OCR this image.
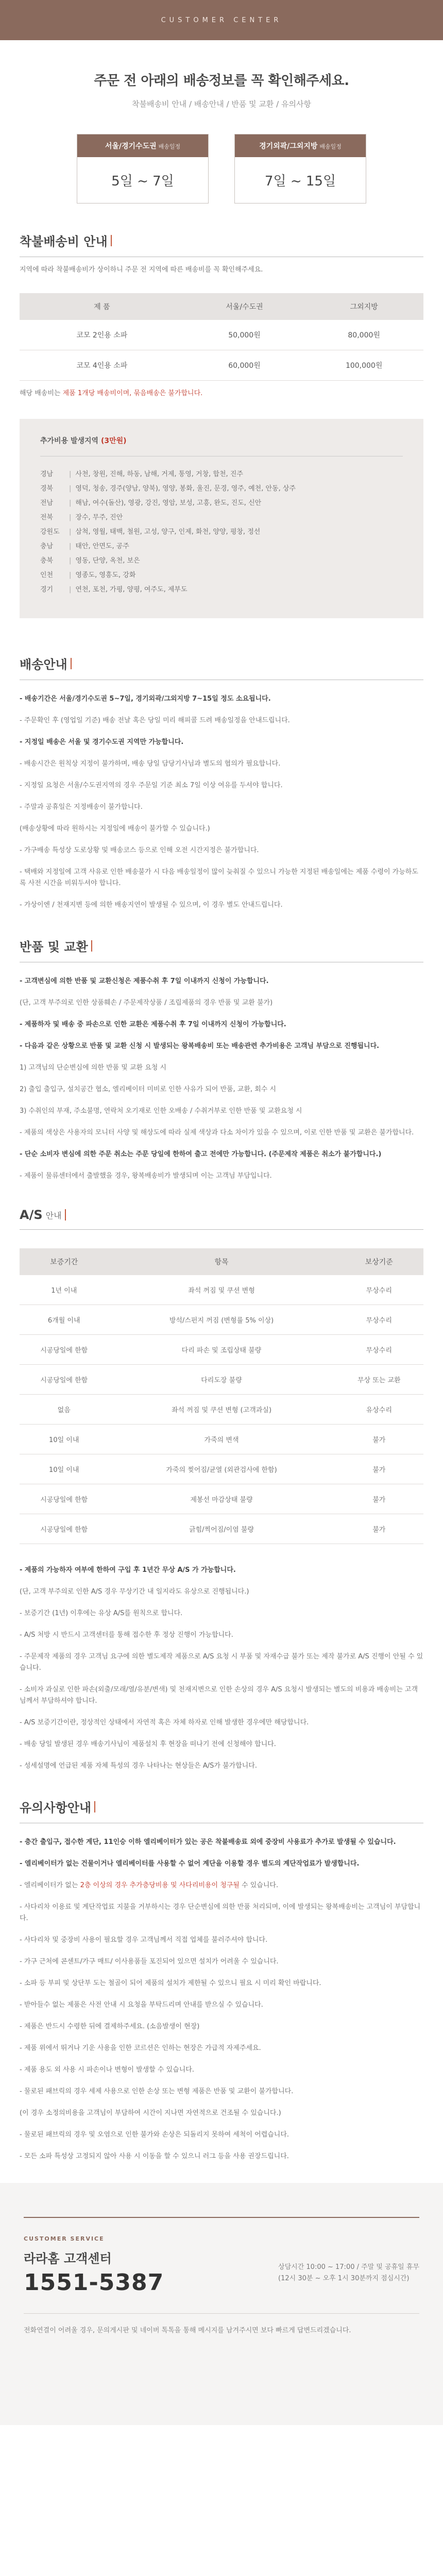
CUSTOMER CENTER
주문 전 아래의 배송정보를 꼭 확인해주세요.
착불배송비 안내 / 배송안내 / 반품 및 교환 / 유의사항
서울/경기수도권 배송일정
5일 ~ 7일
경기외곽/그외지방 배송일정
7일 ~ 15일
착불배송비 안내
지역에 따라 착불배송비가 상이하니 주문 전 지역에 따른 배송비를 꼭 확인해주세요.
제 품	서울/수도권	그외지방
코모 2인용 소파	50,000원	80,000원
코모 4인용 소파	60,000원	100,000원
해당 배송비는 제품 1개당 배송비이며, 묶음배송은 불가합니다.
추가비용 발생지역 (3만원)
경남	| 사천, 창원, 진해, 하동, 남해, 거제, 통영, 거창, 합천, 진주
경북	| 영덕, 청송, 경주(양남, 양북), 영양, 봉화, 울진, 문경, 영주, 예천, 안동, 상주
전남	| 해남, 여수(돌산), 영광, 강진, 영암, 보성, 고흥, 완도, 진도, 신안
전북	| 장수, 무주, 진안
강원도	| 삼척, 영월, 태백, 철원, 고성, 양구, 인제, 화천, 양양, 평창, 정선
충남	| 태안, 안면도, 공주
충북	| 영동, 단양, 옥천, 보은
인천	| 영종도, 영흥도, 강화
경기	| 연천, 포천, 가평, 양평, 여주도, 제부도
배송안내
- 배송기간은 서울/경기수도권 5~7일, 경기외곽/그외지방 7~15일 정도 소요됩니다.
- 주문확인 후 (영업일 기준) 배송 전날 혹은 당일 미리 해피콜 드려 배송일정을 안내드립니다.
- 지정일 배송은 서울 및 경기수도권 지역만 가능합니다.
- 배송시간은 원칙상 지정이 불가하며, 배송 당일 담당기사님과 별도의 협의가 필요합니다.
- 지정일 요청은 서울/수도권지역의 경우 주문일 기준 최소 7일 이상 여유를 두셔야 합니다.
- 주말과 공휴일은 지정배송이 불가합니다.
(배송상황에 따라 원하시는 지정일에 배송이 불가할 수 있습니다.)
- 가구배송 특성상 도로상황 및 배송코스 등으로 인해 오전 시간지정은 불가합니다.
- 택배와 지정일에 고객 사유로 인한 배송불가 시 다음 배송일정이 많이 늦춰질 수 있으니 가능한 지정된 배송일에는 제품 수령이 가능하도록 사전 시간을 비워두셔야 합니다.
- 가상이엔 / 천재지변 등에 의한 배송지연이 발생될 수 있으며, 이 경우 별도 안내드립니다.
반품 및 교환
- 고객변심에 의한 반품 및 교환신청은 제품수취 후 7일 이내까지 신청이 가능합니다.
(단, 고객 부주의로 인한 상품훼손 / 주문제작상품 / 조립제품의 경우 반품 및 교환 불가)
- 제품하자 및 배송 중 파손으로 인한 교환은 제품수취 후 7일 이내까지 신청이 가능합니다.
- 다음과 같은 상황으로 반품 및 교환 신청 시 발생되는 왕복배송비 또는 배송관련 추가비용은 고객님 부담으로 진행됩니다.
1) 고객님의 단순변심에 의한 반품 및 교환 요청 시
2) 출입 출입구, 설치공간 협소, 엘리베이터 미비로 인한 사유가 되어 반품, 교환, 회수 시
3) 수취인의 부재, 주소불명, 연락처 오기재로 인한 오배송 / 수취거부로 인한 반품 및 교환요청 시
- 제품의 색상은 사용자의 모니터 사양 및 해상도에 따라 실제 색상과 다소 차이가 있을 수 있으며, 이로 인한 반품 및 교환은 불가합니다.
- 단순 소비자 변심에 의한 주문 취소는 주문 당일에 한하여 출고 전에만 가능합니다. (주문제작 제품은 취소가 불가합니다.)
- 제품이 물류센터에서 출발했을 경우, 왕복배송비가 발생되며 이는 고객님 부담입니다.
A/S 안내
보증기간	항목	보상기준
1년 이내	좌석 꺼짐 및 쿠션 변형	무상수리
6개월 이내	방석/스펀지 꺼짐 (변형률 5% 이상)	무상수리
시공당일에 한함	다리 파손 및 조립상태 불량	무상수리
시공당일에 한함	다리도장 불량	무상 또는 교환
없음	좌석 꺼짐 및 쿠션 변형 (고객과실)	유상수리
10일 이내	가죽의 변색	불가
10일 이내	가죽의 찢어짐/균열 (외관검사에 한함)	불가
시공당일에 한함	제봉선 마감상태 불량	불가
시공당일에 한함	긁힘/찍어짐/이염 불량	불가
- 제품의 가능하자 여부에 한하여 구입 후 1년간 무상 A/S 가 가능합니다.
(단, 고객 부주의로 인한 A/S 경우 무상기간 내 일지라도 유상으로 진행됩니다.)
- 보증기간 (1년) 이후에는 유상 A/S를 원칙으로 합니다.
- A/S 처방 시 반드시 고객센터를 통해 접수한 후 정상 진행이 가능합니다.
- 주문제작 제품의 경우 고객님 요구에 의한 별도제작 제품으로 A/S 요청 시 부품 및 자재수급 불가 또는 제작 불가로 A/S 진행이 안될 수 있습니다.
- 소비자 과실로 인한 파손(외출/모래/열/유분/변색) 및 천재지변으로 인한 손상의 경우 A/S 요청시 발생되는 별도의 비용과 배송비는 고객님께서 부담하셔야 합니다.
- A/S 보증기간이란, 정상적인 상태에서 자연적 혹은 자체 하자로 인해 발생한 경우에만 해당합니다.
- 배송 당일 발생된 경우 배송기사님이 제품설치 후 현장을 떠나기 전에 신청해야 합니다.
- 성세설명에 언급된 제품 자체 특성의 경우 나타나는 현상들은 A/S가 불가합니다.
유의사항안내
- 층간 출입구, 접수한 계단, 11인승 이하 엘리베이터가 있는 공은 착불배송료 외에 중장비 사용료가 추가로 발생될 수 있습니다.
- 엘리베이터가 없는 건물이거나 엘리베이터를 사용할 수 없어 계단을 이용할 경우 별도의 계단작업료가 발생합니다.
- 엘리베이터가 없는 2층 이상의 경우 추가층당비용 및 사다리비용이 청구될 수 있습니다.
- 사다리차 이용료 및 계단작업료 지불을 거부하시는 경우 단순변심에 의한 반품 처리되며, 이에 발생되는 왕복배송비는 고객님이 부담합니다.
- 사다리차 및 중장비 사용이 필요할 경우 고객님께서 직접 업체를 불러주셔야 합니다.
- 가구 근처에 콘센트/가구 매트/ 이사용품들 포진되어 있으면 설치가 어려울 수 있습니다.
- 소파 등 부피 및 상단부 도는 철골이 되어 제품의 설치가 제한될 수 있으니 필요 시 미리 확인 바랍니다.
- 받아들수 없는 제품은 사전 안내 시 요청을 부탁드리며 안내를 받으실 수 있습니다.
- 제품은 반드시 수령한 뒤에 결제하주세요. (소음발생이 현장)
- 제품 위에서 뛰거나 기운 사용을 인한 코르션은 인하는 현장은 가급적 자제주세요.
- 제품 용도 외 사용 시 파손이나 변형이 발생할 수 있습니다.
- 물로된 패브릭의 경우 세제 사용으로 인한 손상 또는 변형 제품은 반품 및 교환이 불가합니다.
(이 경우 소정의비용을 고객님이 부담하여 시간이 지나면 자연적으로 건조될 수 있습니다.)
- 물로된 패브릭의 경우 및 오염으로 인한 불가와 손상은 되돌리지 못하여 세척이 어렵습니다.
- 모든 소파 특성상 고정되지 않아 사용 시 이동을 할 수 있으니 러그 등을 사용 권장드립니다.
CUSTOMER SERVICE
라라홈 고객센터
1551-5387
상담시간 10:00 ~ 17:00 / 주말 및 공휴일 휴무
(12시 30분 ~ 오후 1시 30분까지 점심시간)
전화연결이 어려울 경우, 문의게시판 및 네이버 톡톡을 통해 메시지를 남겨주시면 보다 빠르게 답변드리겠습니다.
